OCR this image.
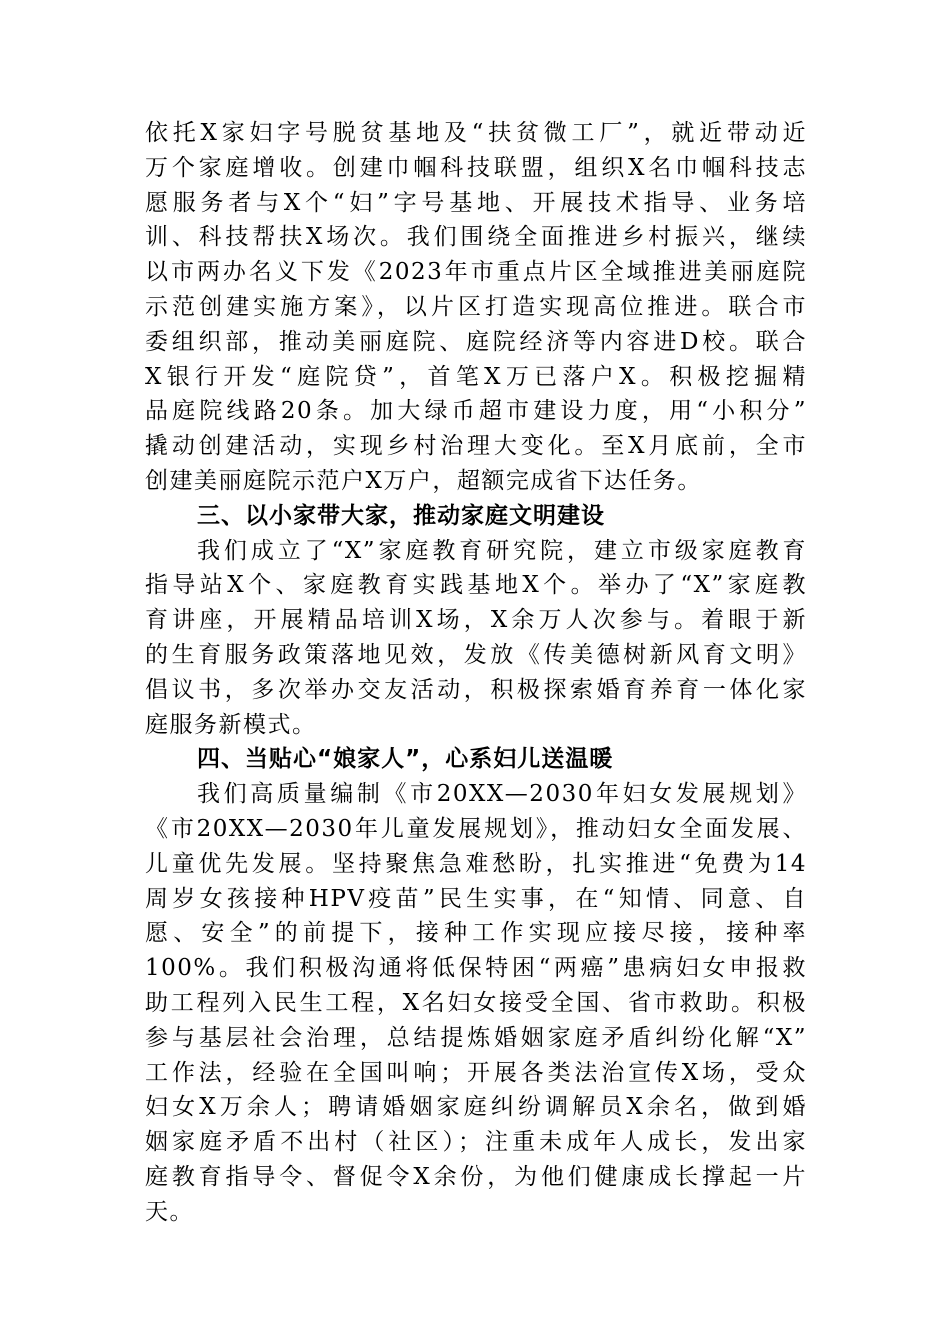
依托X家妇字号脱贫基地及“扶贫微工厂”，就近带动近
万个家庭增收。创建巾帼科技联盟，组织X名巾帼科技志
愿服务者与X个“妇”字号基地、开展技术指导、业务培
训、科技帮扶X场次。我们围绕全面推进乡村振兴，继续
以市两办名义下发《2023年市重点片区全域推进美丽庭院
示范创建实施方案》，以片区打造实现高位推进。联合市
委组织部，推动美丽庭院、庭院经济等内容进D校。联合
X银行开发“庭院贷”，首笔X万已落户X。积极挖掘精
品庭院线路20条。加大绿币超市建设力度，用“小积分”
撬动创建活动，实现乡村治理大变化。至X月底前，全市
创建美丽庭院示范户X万户，超额完成省下达任务。
三、以小家带大家，推动家庭文明建设
我们成立了“X”家庭教育研究院，建立市级家庭教育
指导站X个、家庭教育实践基地X个。举办了“X”家庭教
育讲座，开展精品培训X场，X余万人次参与。着眼于新
的生育服务政策落地见效，发放《传美德树新风育文明》
倡议书，多次举办交友活动，积极探索婚育养育一体化家
庭服务新模式。
四、当贴心“娘家人”，心系妇儿送温暖
我们高质量编制《市20XX—2030年妇女发展规划》
《市20XX—2030年儿童发展规划》，推动妇女全面发展、
儿童优先发展。坚持聚焦急难愁盼，扎实推进“免费为14
周岁女孩接种HPV疫苗”民生实事，在“知情、同意、自
愿、安全”的前提下，接种工作实现应接尽接，接种率
100%。我们积极沟通将低保特困“两癌”患病妇女申报救
助工程列入民生工程，X名妇女接受全国、省市救助。积极
参与基层社会治理，总结提炼婚姻家庭矛盾纠纷化解“X”
工作法，经验在全国叫响；开展各类法治宣传X场，受众
妇女X万余人；聘请婚姻家庭纠纷调解员X余名，做到婚
姻家庭矛盾不出村（社区）；注重未成年人成长，发出家
庭教育指导令、督促令X余份，为他们健康成长撑起一片
天。
